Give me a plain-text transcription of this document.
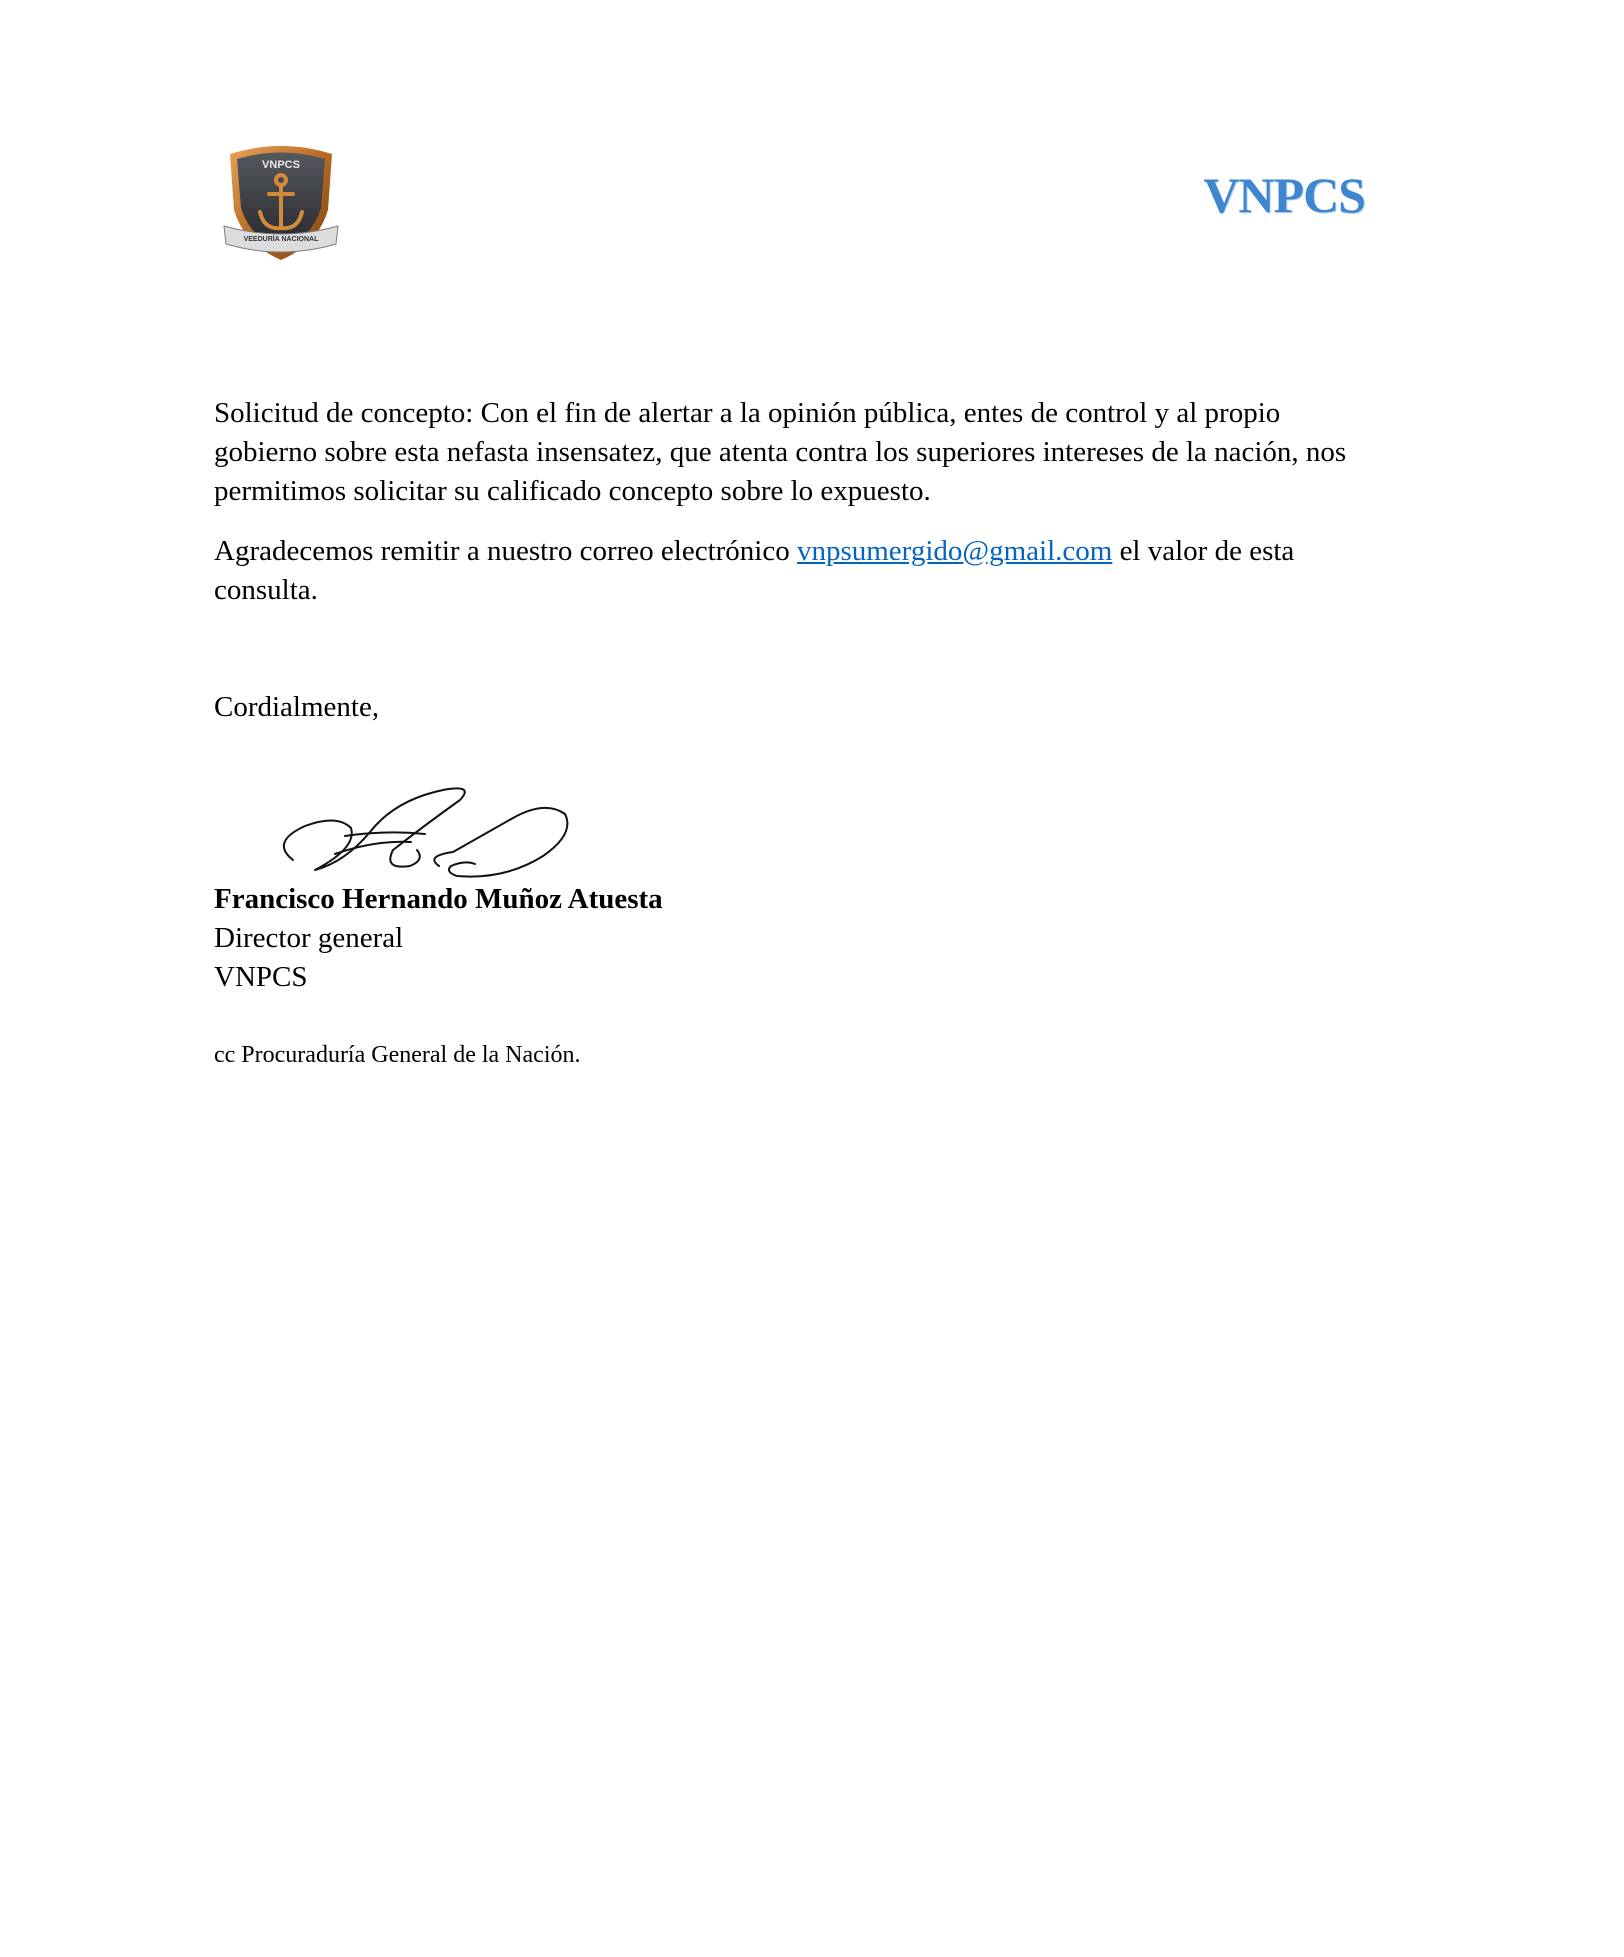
VNPCS
VEEDURÍA NACIONAL
VNPCS

Solicitud de concepto: Con el fin de alertar a la opinión pública, entes de control y al propio gobierno sobre esta nefasta insensatez, que atenta contra los superiores intereses de la nación, nos permitimos solicitar su calificado concepto sobre lo expuesto.

Agradecemos remitir a nuestro correo electrónico vnpsumergido@gmail.com el valor de esta consulta.

Cordialmente,

Francisco Hernando Muñoz Atuesta
Director general
VNPCS
cc Procuraduría General de la Nación.
